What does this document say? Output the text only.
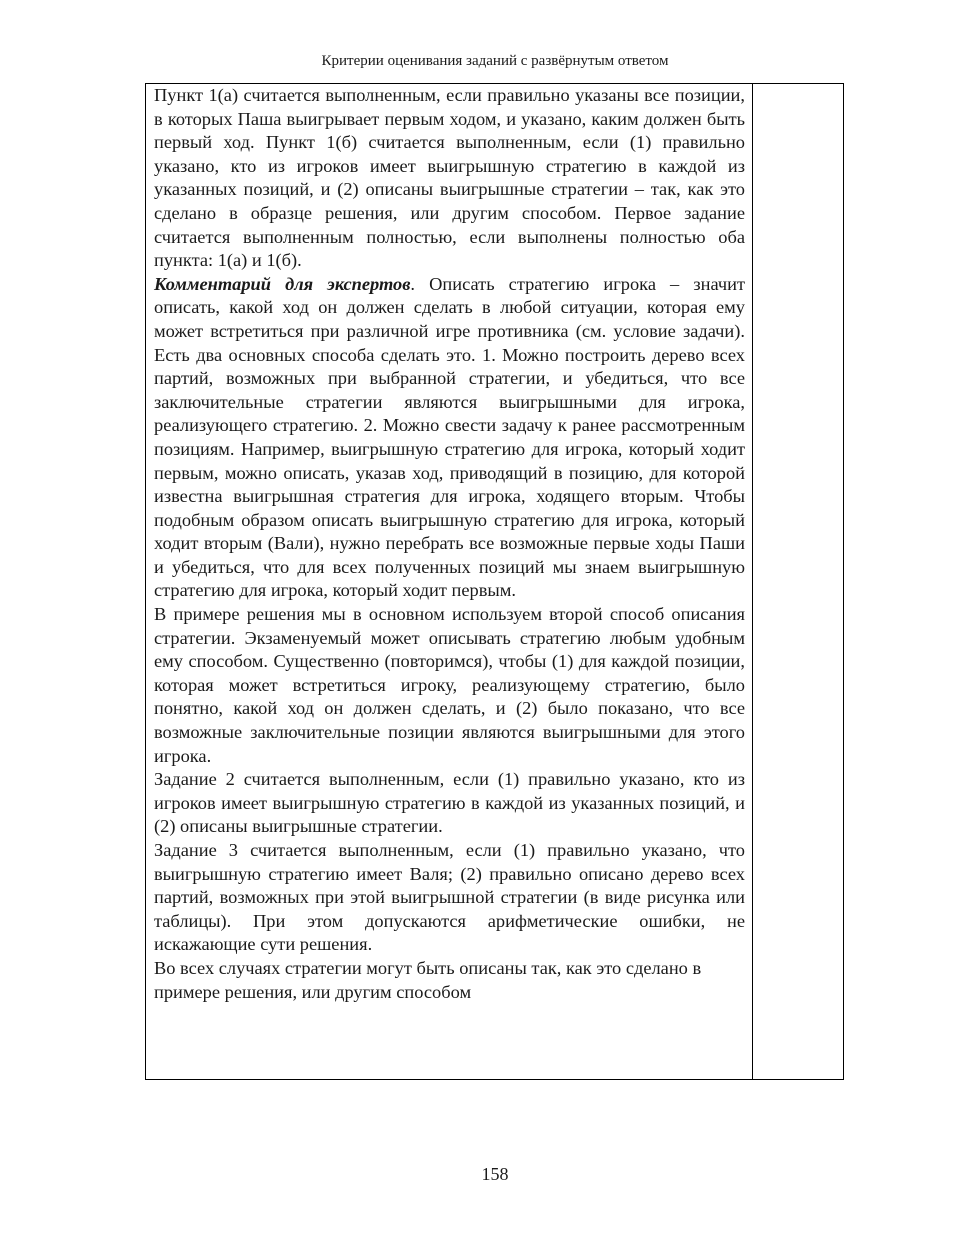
Критерии оценивания заданий с развёрнутым ответом

Пункт 1(а) считается выполненным, если правильно указаны все позиции, в которых Паша выигрывает первым ходом, и указано, каким должен быть первый ход. Пункт 1(б) считается выполненным, если (1) правильно указано, кто из игроков имеет выигрышную стратегию в каждой из указанных позиций, и (2) описаны выигрышные стратегии – так, как это сделано в образце решения, или другим способом. Первое задание считается выполненным полностью, если выполнены полностью оба пункта: 1(а) и 1(б).

Комментарий для экспертов. Описать стратегию игрока – значит описать, какой ход он должен сделать в любой ситуации, которая ему может встретиться при различной игре противника (см. условие задачи). Есть два основных способа сделать это. 1. Можно построить дерево всех партий, возможных при выбранной стратегии, и убедиться, что все заключительные стратегии являются выигрышными для игрока, реализующего стратегию. 2. Можно свести задачу к ранее рассмотренным позициям. Например, выигрышную стратегию для игрока, который ходит первым, можно описать, указав ход, приводящий в позицию, для которой известна выигрышная стратегия для игрока, ходящего вторым. Чтобы подобным образом описать выигрышную стратегию для игрока, который ходит вторым (Вали), нужно перебрать все возможные первые ходы Паши и убедиться, что для всех полученных позиций мы знаем выигрышную стратегию для игрока, который ходит первым.

В примере решения мы в основном используем второй способ описания стратегии. Экзаменуемый может описывать стратегию любым удобным ему способом. Существенно (повторимся), чтобы (1) для каждой позиции, которая может встретиться игроку, реализующему стратегию, было понятно, какой ход он должен сделать, и (2) было показано, что все возможные заключительные позиции являются выигрышными для этого игрока.

Задание 2 считается выполненным, если (1) правильно указано, кто из игроков имеет выигрышную стратегию в каждой из указанных позиций, и (2) описаны выигрышные стратегии.

Задание 3 считается выполненным, если (1) правильно указано, что выигрышную стратегию имеет Валя; (2) правильно описано дерево всех партий, возможных при этой выигрышной стратегии (в виде рисунка или таблицы). При этом допускаются арифметические ошибки, не искажающие сути решения.

Во всех случаях стратегии могут быть описаны так, как это сделано в примере решения, или другим способом

158
